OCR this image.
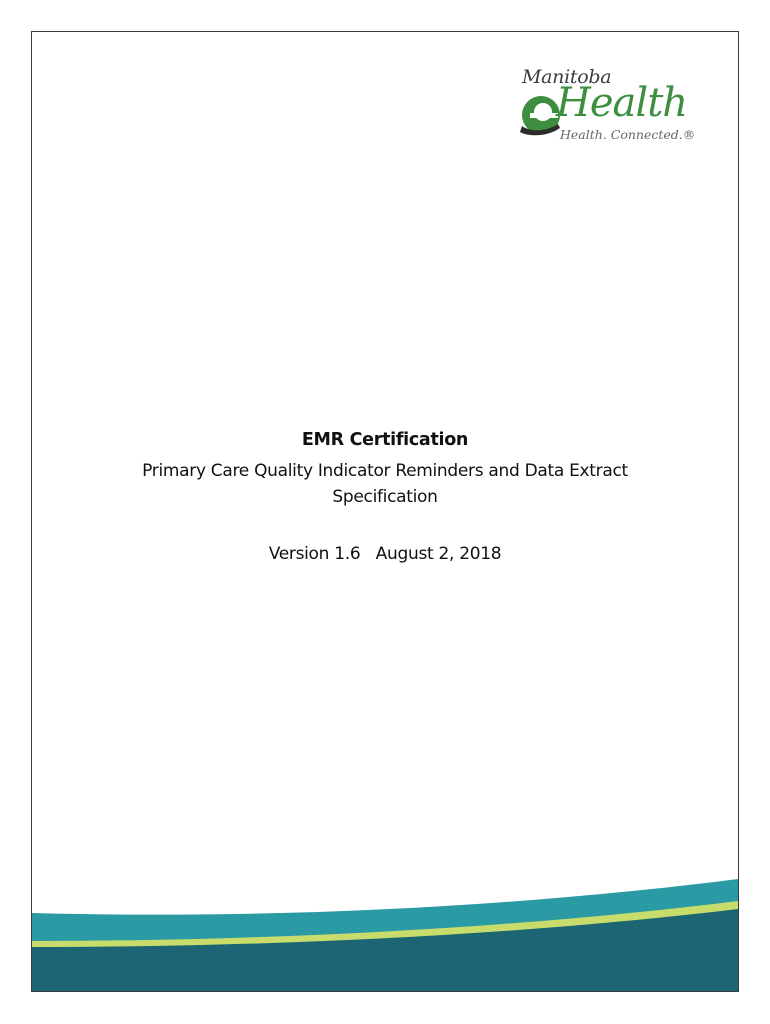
Manitoba
Health
Health. Connected.®
EMR Certification
Primary Care Quality Indicator Reminders and Data Extract
Specification
Version 1.6   August 2, 2018
